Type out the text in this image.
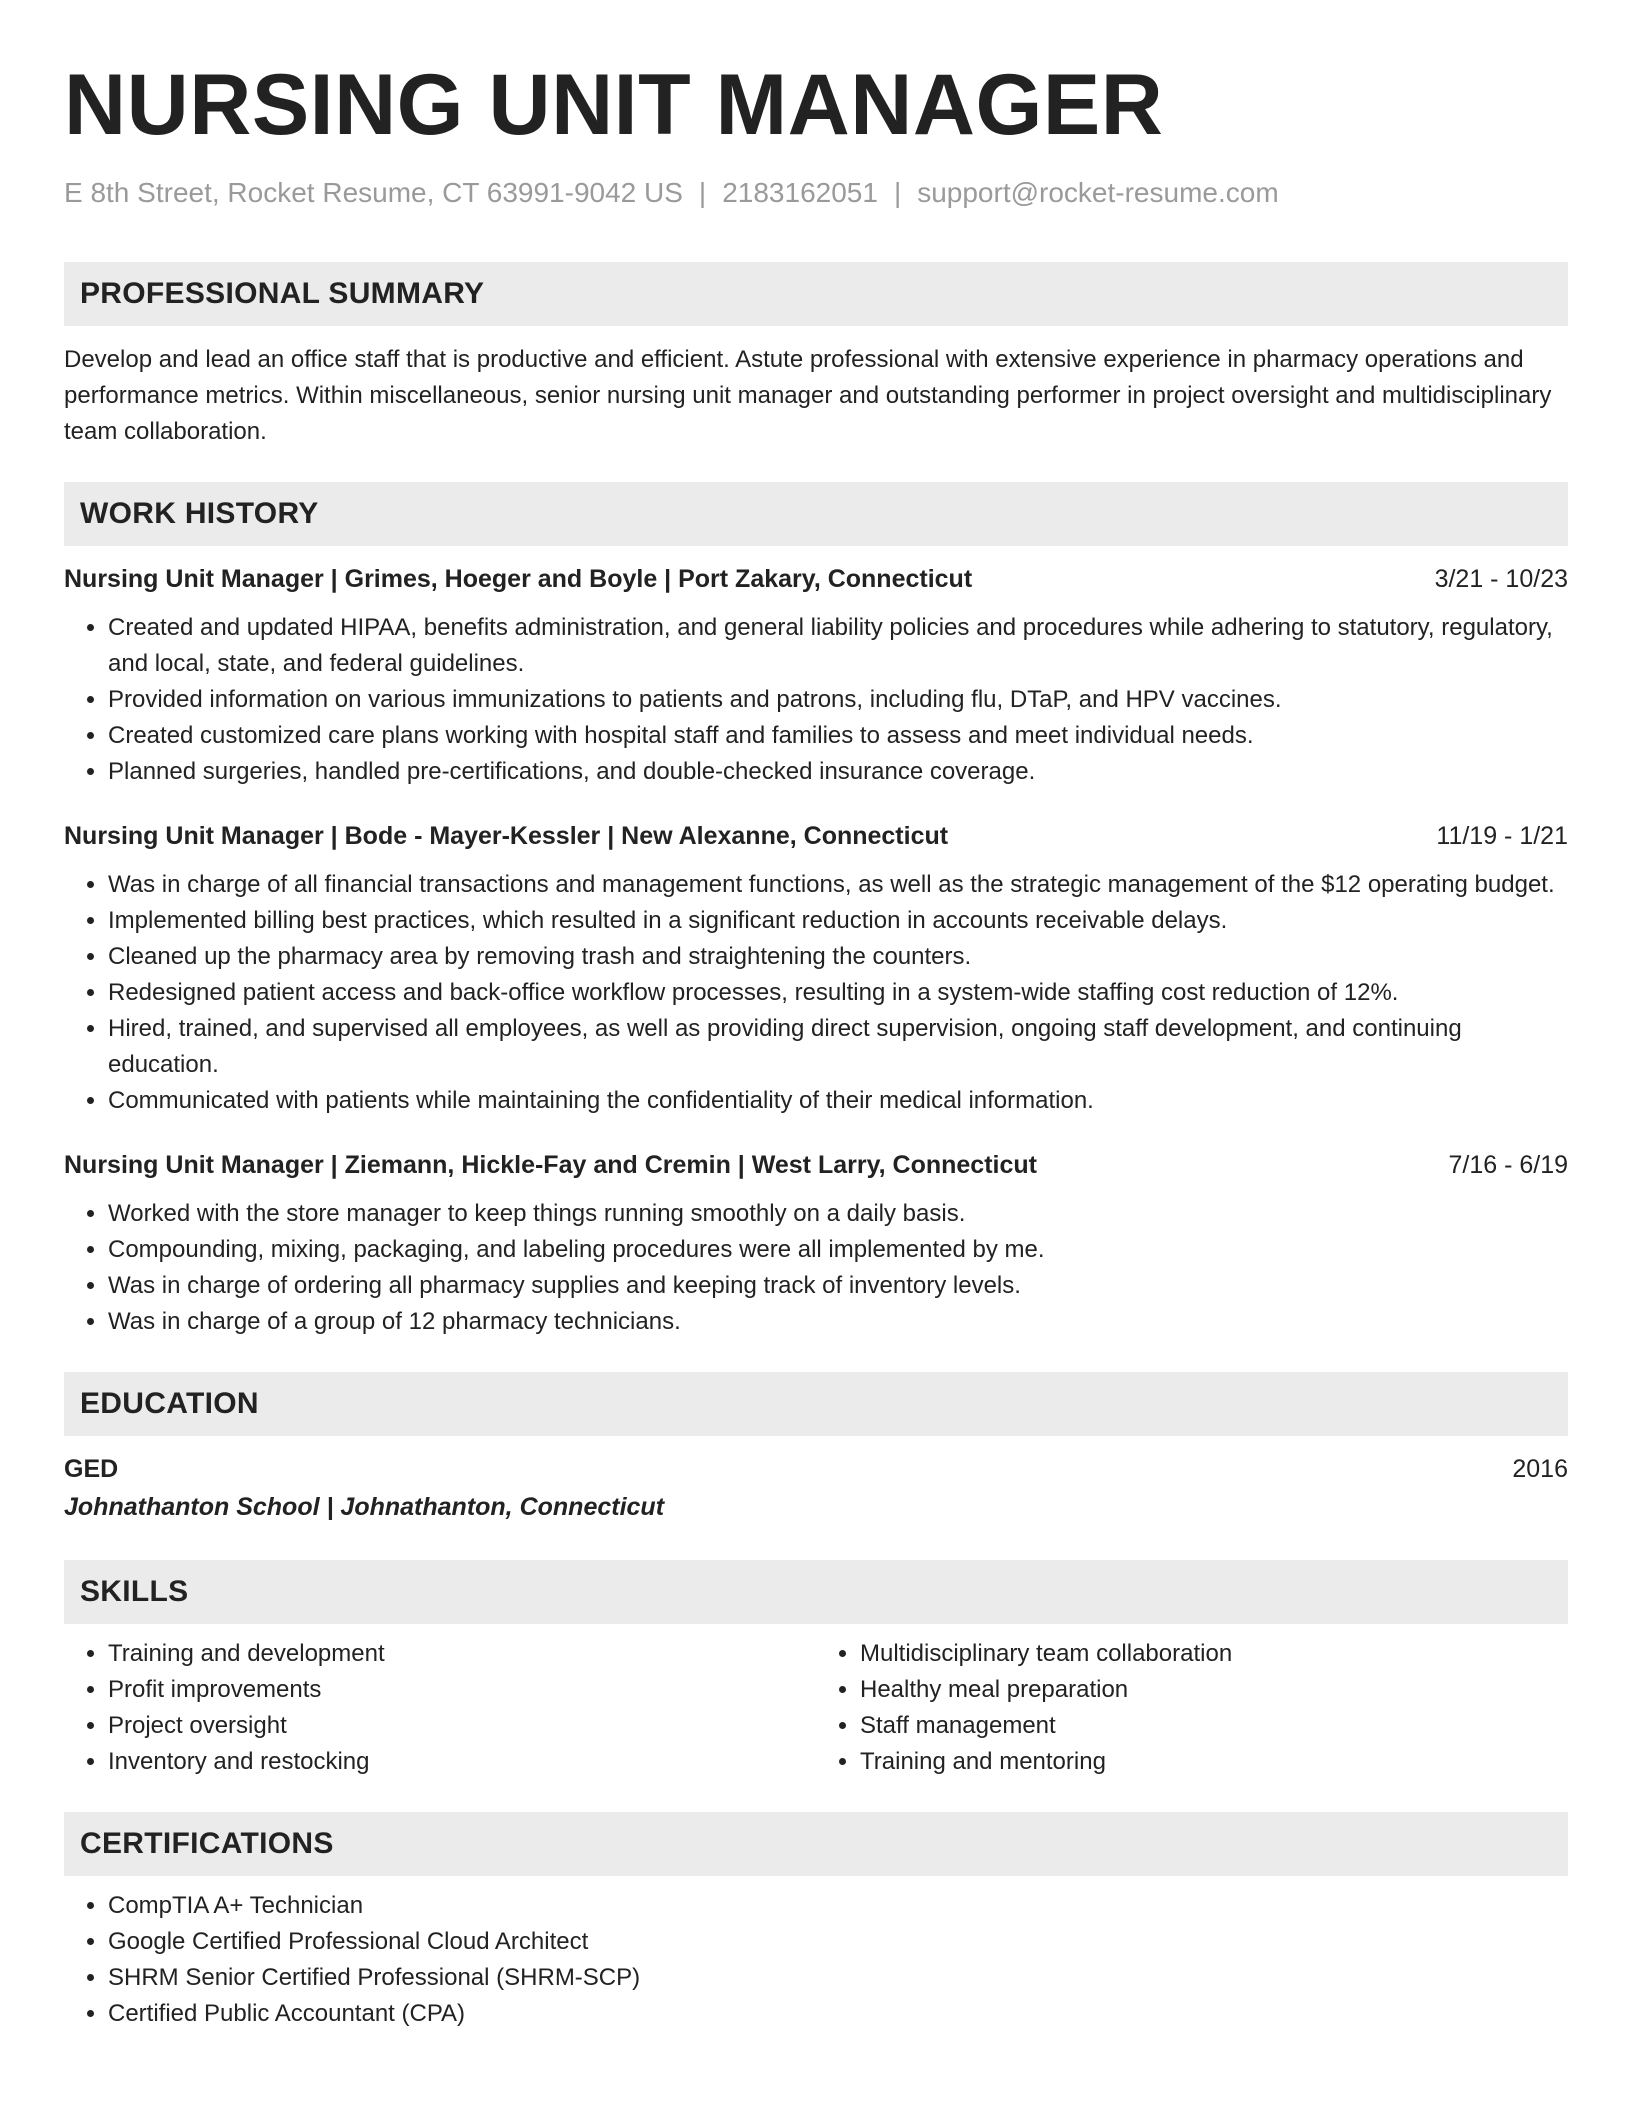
NURSING UNIT MANAGER
E 8th Street, Rocket Resume, CT 63991-9042 US | 2183162051 | support@rocket-resume.com
PROFESSIONAL SUMMARY

Develop and lead an office staff that is productive and efficient. Astute professional with extensive experience in pharmacy operations and performance metrics. Within miscellaneous, senior nursing unit manager and outstanding performer in project oversight and multidisciplinary team collaboration.

WORK HISTORY
Nursing Unit Manager | Grimes, Hoeger and Boyle | Port Zakary, Connecticut	3/21 - 10/23
• Created and updated HIPAA, benefits administration, and general liability policies and procedures while adhering to statutory, regulatory, and local, state, and federal guidelines.
• Provided information on various immunizations to patients and patrons, including flu, DTaP, and HPV vaccines.
• Created customized care plans working with hospital staff and families to assess and meet individual needs.
• Planned surgeries, handled pre-certifications, and double-checked insurance coverage.
Nursing Unit Manager | Bode - Mayer-Kessler | New Alexanne, Connecticut	11/19 - 1/21
• Was in charge of all financial transactions and management functions, as well as the strategic management of the $12 operating budget.
• Implemented billing best practices, which resulted in a significant reduction in accounts receivable delays.
• Cleaned up the pharmacy area by removing trash and straightening the counters.
• Redesigned patient access and back-office workflow processes, resulting in a system-wide staffing cost reduction of 12%.
• Hired, trained, and supervised all employees, as well as providing direct supervision, ongoing staff development, and continuing education.
• Communicated with patients while maintaining the confidentiality of their medical information.
Nursing Unit Manager | Ziemann, Hickle-Fay and Cremin | West Larry, Connecticut	7/16 - 6/19
• Worked with the store manager to keep things running smoothly on a daily basis.
• Compounding, mixing, packaging, and labeling procedures were all implemented by me.
• Was in charge of ordering all pharmacy supplies and keeping track of inventory levels.
• Was in charge of a group of 12 pharmacy technicians.
EDUCATION
GED	2016
Johnathanton School | Johnathanton, Connecticut
SKILLS
• Training and development
• Profit improvements
• Project oversight
• Inventory and restocking
• Multidisciplinary team collaboration
• Healthy meal preparation
• Staff management
• Training and mentoring
CERTIFICATIONS
• CompTIA A+ Technician
• Google Certified Professional Cloud Architect
• SHRM Senior Certified Professional (SHRM-SCP)
• Certified Public Accountant (CPA)
